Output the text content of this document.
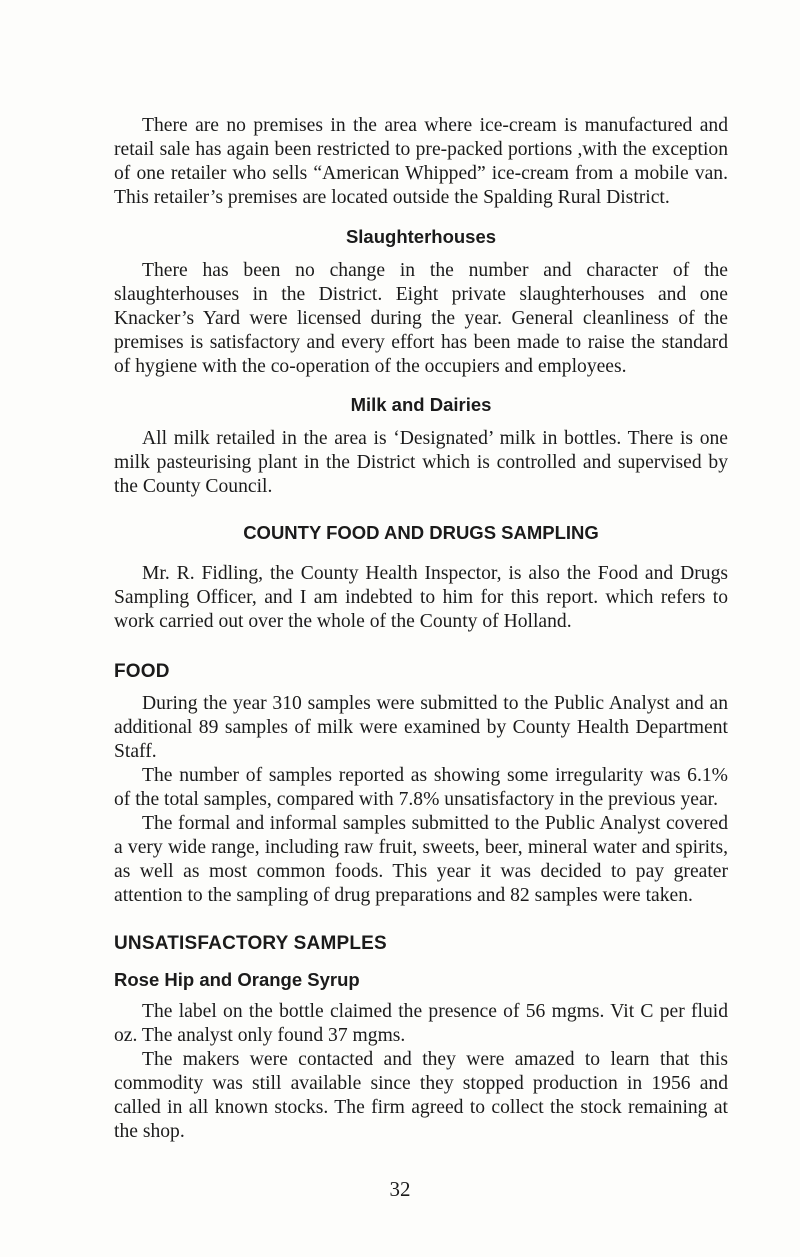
There are no premises in the area where ice-cream is manufactured and retail sale has again been restricted to pre-packed portions ,with the exception of one retailer who sells “American Whipped” ice-cream from a mobile van. This retailer’s premises are located outside the Spalding Rural District.

Slaughterhouses

There has been no change in the number and character of the slaughterhouses in the District. Eight private slaughterhouses and one Knacker’s Yard were licensed during the year. General cleanliness of the premises is satisfactory and every effort has been made to raise the standard of hygiene with the co-operation of the occupiers and employees.

Milk and Dairies

All milk retailed in the area is ‘Designated’ milk in bottles. There is one milk pasteurising plant in the District which is controlled and supervised by the County Council.

COUNTY FOOD AND DRUGS SAMPLING

Mr. R. Fidling, the County Health Inspector, is also the Food and Drugs Sampling Officer, and I am indebted to him for this report. which refers to work carried out over the whole of the County of Holland.

FOOD

During the year 310 samples were submitted to the Public Analyst and an additional 89 samples of milk were examined by County Health Department Staff.

The number of samples reported as showing some irregularity was 6.1% of the total samples, compared with 7.8% unsatisfactory in the previous year.

The formal and informal samples submitted to the Public Analyst covered a very wide range, including raw fruit, sweets, beer, mineral water and spirits, as well as most common foods. This year it was decided to pay greater attention to the sampling of drug preparations and 82 samples were taken.

UNSATISFACTORY SAMPLES
Rose Hip and Orange Syrup

The label on the bottle claimed the presence of 56 mgms. Vit C per fluid oz. The analyst only found 37 mgms.

The makers were contacted and they were amazed to learn that this commodity was still available since they stopped production in 1956 and called in all known stocks. The firm agreed to collect the stock remaining at the shop.

32
